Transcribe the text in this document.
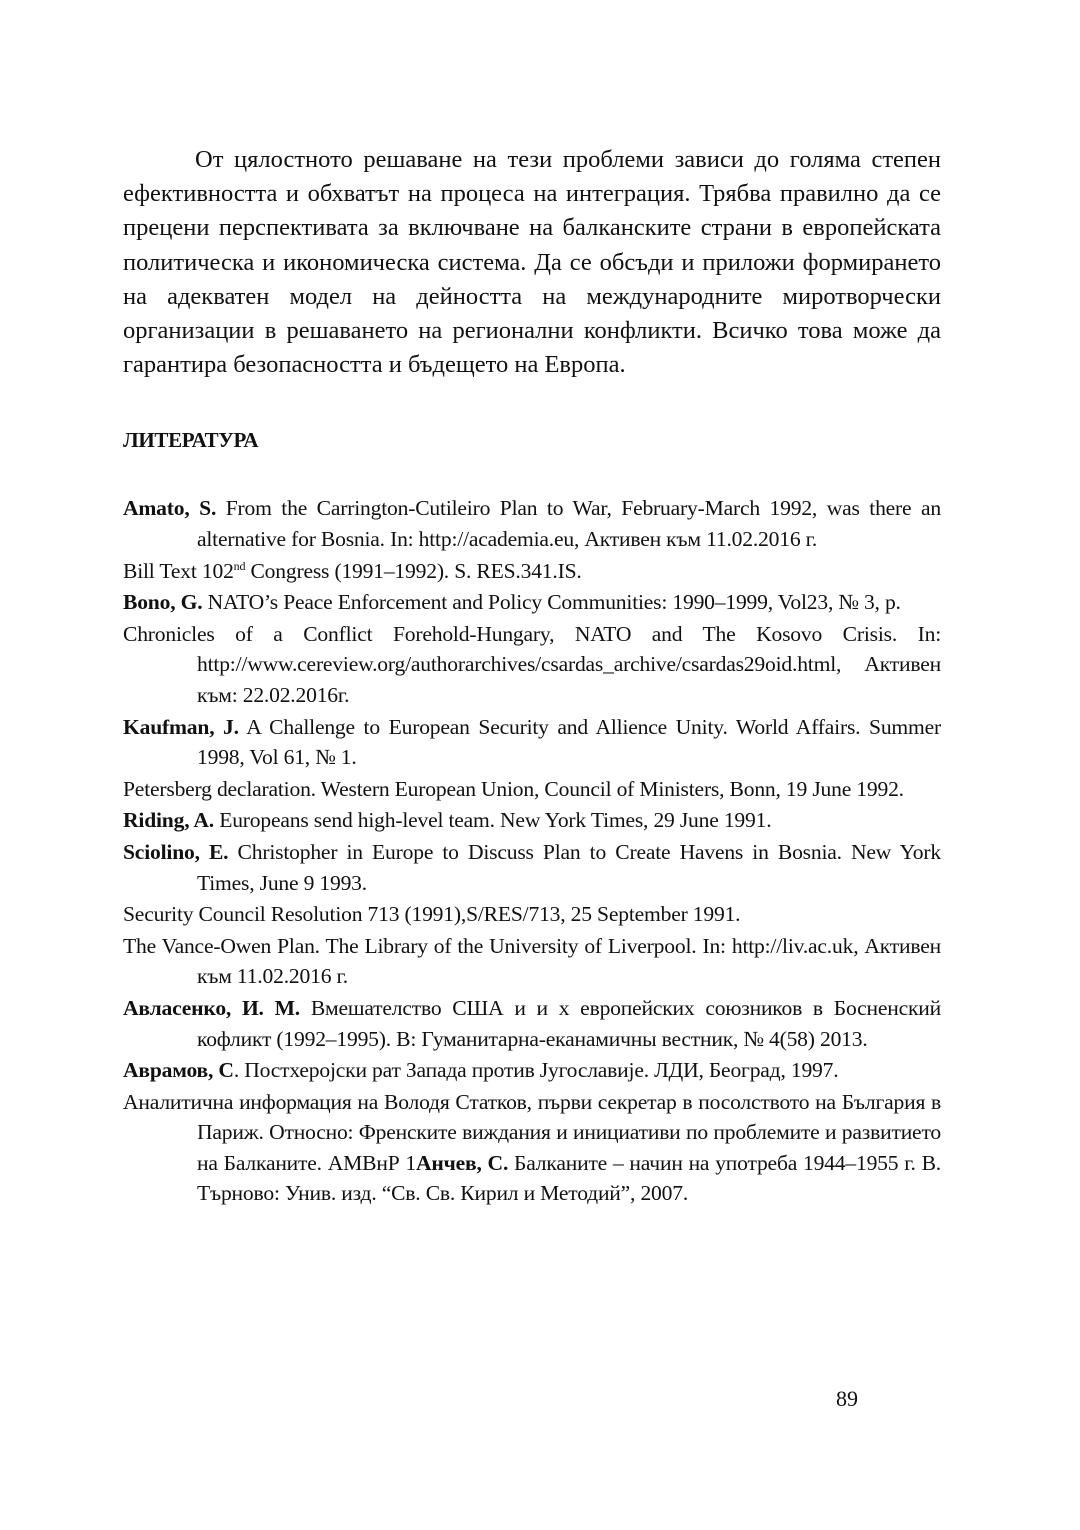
От цялостното решаване на тези проблеми зависи до голяма степен ефективността и обхватът на процеса на интеграция. Трябва правилно да се прецени перспективата за включване на балканските страни в европейската политическа и икономическа система. Да се обсъди и приложи формирането на адекватен модел на дейността на международните миротворчески организации в решаването на регионални конфликти. Всичко това може да гарантира безопасността и бъдещето на Европа.

ЛИТЕРАТУРА

Amato, S. From the Carrington-Cutileiro Plan to War, February-March 1992, was there an alternative for Bosnia. In: http://academia.eu, Активен към 11.02.2016 г.

Bill Text 102nd Congress (1991–1992). S. RES.341.IS.

Bono, G. NATO’s Peace Enforcement and Policy Communities: 1990–1999, Vol23, № 3, p.

Chronicles of a Conflict Forehold-Hungary, NATO and The Kosovo Crisis. In: http://www.cereview.org/authorarchives/csardas_archive/csardas29oid.html, Активен към: 22.02.2016г.

Kaufman, J. A Challenge to European Security and Allience Unity. World Affairs. Summer 1998, Vol 61, № 1.

Petersberg declaration. Western European Union, Council of Ministers, Bonn, 19 June 1992.

Riding, A. Europeans send high-level team. New York Times, 29 June 1991.

Sciolino, E. Christopher in Europe to Discuss Plan to Create Havens in Bosnia. New York Times, June 9 1993.

Security Council Resolution 713 (1991),S/RES/713, 25 September 1991.

The Vance-Owen Plan. The Library of the University of Liverpool. In: http://liv.ac.uk, Активен към 11.02.2016 г.

Авласенко, И. М. Вмешателство США и и х европейских союзников в Босненский кофликт (1992–1995). В: Гуманитарна-еканамичны вестник, № 4(58) 2013.

Аврамов, С. Постхеројски рат Запада против Југославије. ЛДИ, Београд, 1997.

Аналитична информация на Володя Статков, първи секретар в посолството на България в Париж. Относно: Френските виждания и инициативи по проблемите и развитието на Балканите. АМВнР 1Анчев, С. Балканите – начин на употреба 1944–1955 г. В. Търново: Унив. изд. “Св. Св. Кирил и Методий”, 2007.

89
